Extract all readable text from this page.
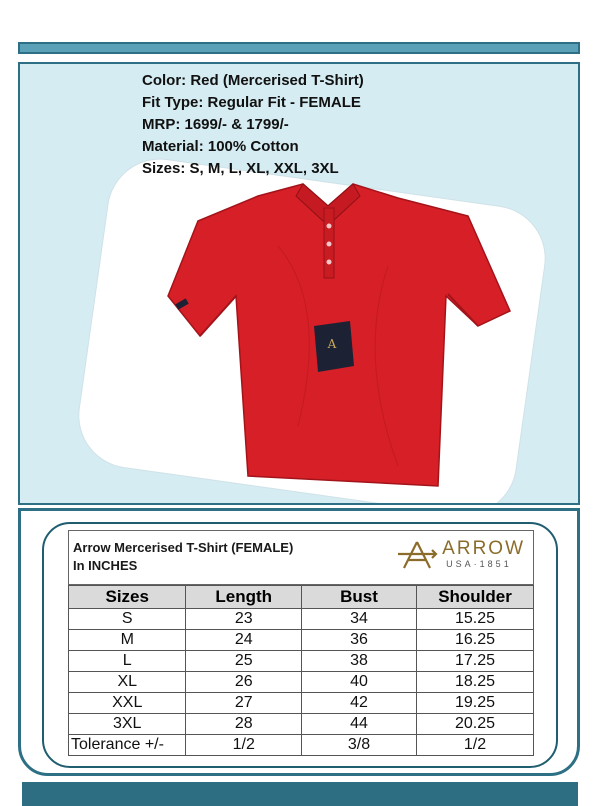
A
Color: Red (Mercerised T-Shirt)
Fit Type: Regular Fit - FEMALE
MRP: 1699/- & 1799/-
Material: 100% Cotton
Sizes: S, M, L, XL, XXL, 3XL
Arrow Mercerised T-Shirt (FEMALE)
In INCHES
ARROW
USA·1851
Sizes	Length	Bust	Shoulder
S	23	34	15.25
M	24	36	16.25
L	25	38	17.25
XL	26	40	18.25
XXL	27	42	19.25
3XL	28	44	20.25
Tolerance +/-	1/2	3/8	1/2
